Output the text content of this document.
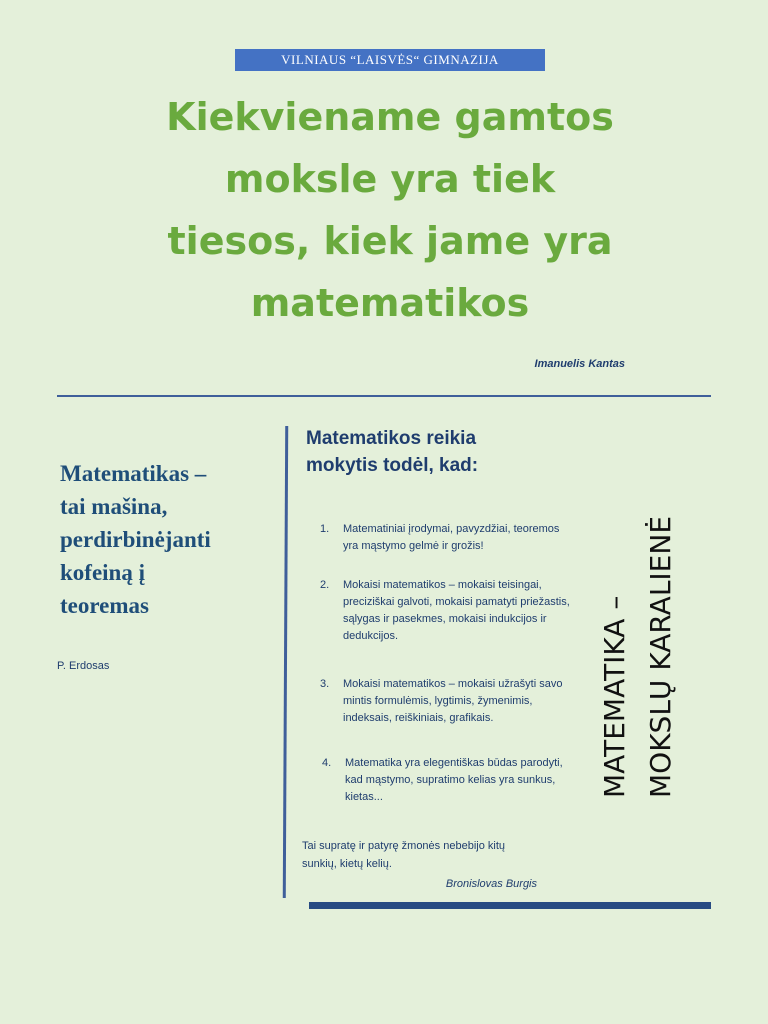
VILNIAUS “LAISVĖS“ GIMNAZIJA
Kiekviename gamtos
moksle yra tiek
tiesos, kiek jame yra
matematikos
Imanuelis Kantas
Matematikas –
tai mašina,
perdirbinėjanti
kofeiną į
teoremas
P. Erdosas
Matematikos reikia
mokytis todėl, kad:
1. Matematiniai įrodymai, pavyzdžiai, teoremos yra mąstymo gelmė ir grožis!
2. Mokaisi matematikos – mokaisi teisingai, preciziškai galvoti, mokaisi pamatyti priežastis, sąlygas ir pasekmes, mokaisi indukcijos ir dedukcijos.
3. Mokaisi matematikos – mokaisi užrašyti savo mintis formulėmis, lygtimis, žymenimis, indeksais, reiškiniais, grafikais.
4. Matematika yra elegentiškas būdas parodyti, kad mąstymo, supratimo kelias yra sunkus, kietas...
Tai supratę ir patyrę žmonės nebebijo kitų sunkių, kietų kelių.
Bronislovas Burgis
MATEMATIKA – MOKSLŲ KARALIENĖ
